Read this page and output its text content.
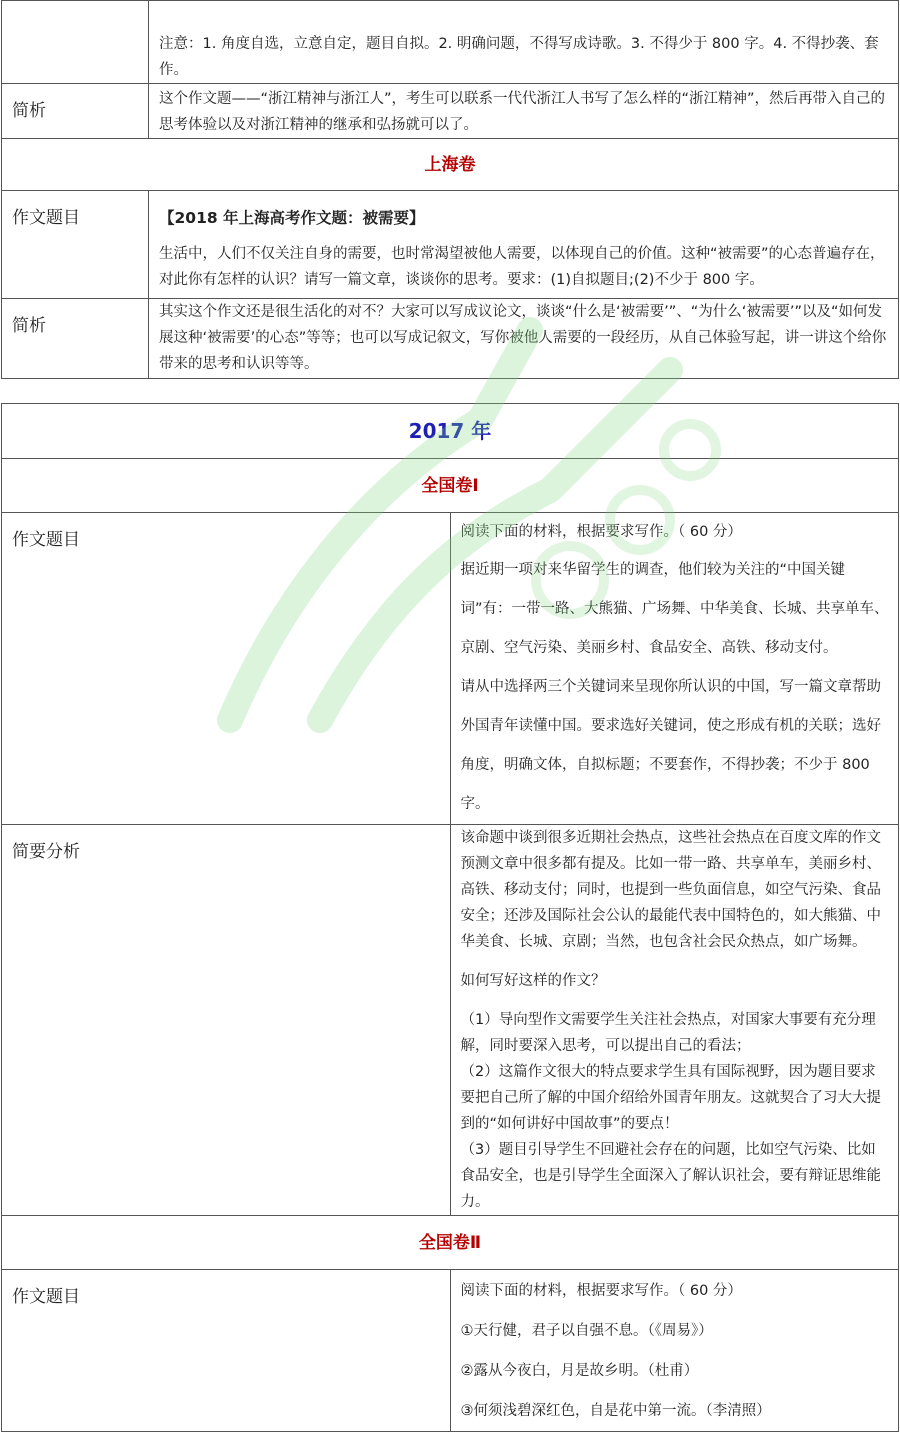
	注意：1. 角度自选，立意自定，题目自拟。2. 明确问题，不得写成诗歌。3. 不得少于 800 字。4. 不得抄袭、套作。

简析	这个作文题——“浙江精神与浙江人”，考生可以联系一代代浙江人书写了怎么样的“浙江精神”，然后再带入自己的思考体验以及对浙江精神的继承和弘扬就可以了。

上海卷	
作文题目	【2018 年上海高考作文题：被需要】

生活中，人们不仅关注自身的需要，也时常渴望被他人需要，以体现自己的价值。这种“被需要”的心态普遍存在，对此你有怎样的认识？请写一篇文章，谈谈你的思考。要求：(1)自拟题目;(2)不少于 800 字。

简析	其实这个作文还是很生活化的对不？大家可以写成议论文，谈谈“什么是‘被需要’”、“为什么‘被需要’”以及“如何发展这种‘被需要’的心态”等等；也可以写成记叙文，写你被他人需要的一段经历，从自己体验写起，讲一讲这个给你带来的思考和认识等等。

2017 年	
全国卷Ⅰ	
作文题目	阅读下面的材料，根据要求写作。（ 60 分）

据近期一项对来华留学生的调查，他们较为关注的“中国关键词”有：一带一路、大熊猫、广场舞、中华美食、长城、共享单车、京剧、空气污染、美丽乡村、食品安全、高铁、移动支付。

请从中选择两三个关键词来呈现你所认识的中国，写一篇文章帮助外国青年读懂中国。要求选好关键词，使之形成有机的关联；选好角度，明确文体，自拟标题；不要套作，不得抄袭；不少于 800 字。

简要分析	该命题中谈到很多近期社会热点，这些社会热点在百度文库的作文预测文章中很多都有提及。比如一带一路、共享单车，美丽乡村、高铁、移动支付；同时，也提到一些负面信息，如空气污染、食品安全；还涉及国际社会公认的最能代表中国特色的，如大熊猫、中华美食、长城、京剧；当然，也包含社会民众热点，如广场舞。

如何写好这样的作文？

（1）导向型作文需要学生关注社会热点，对国家大事要有充分理解，同时要深入思考，可以提出自己的看法；

（2）这篇作文很大的特点要求学生具有国际视野，因为题目要求要把自己所了解的中国介绍给外国青年朋友。这就契合了习大大提到的“如何讲好中国故事”的要点！

（3）题目引导学生不回避社会存在的问题，比如空气污染、比如食品安全，也是引导学生全面深入了解认识社会，要有辩证思维能力。

全国卷Ⅱ	
作文题目	阅读下面的材料，根据要求写作。（ 60 分）

①天行健，君子以自强不息。（《周易》）

②露从今夜白，月是故乡明。（杜甫）

③何须浅碧深红色，自是花中第一流。（李清照）
